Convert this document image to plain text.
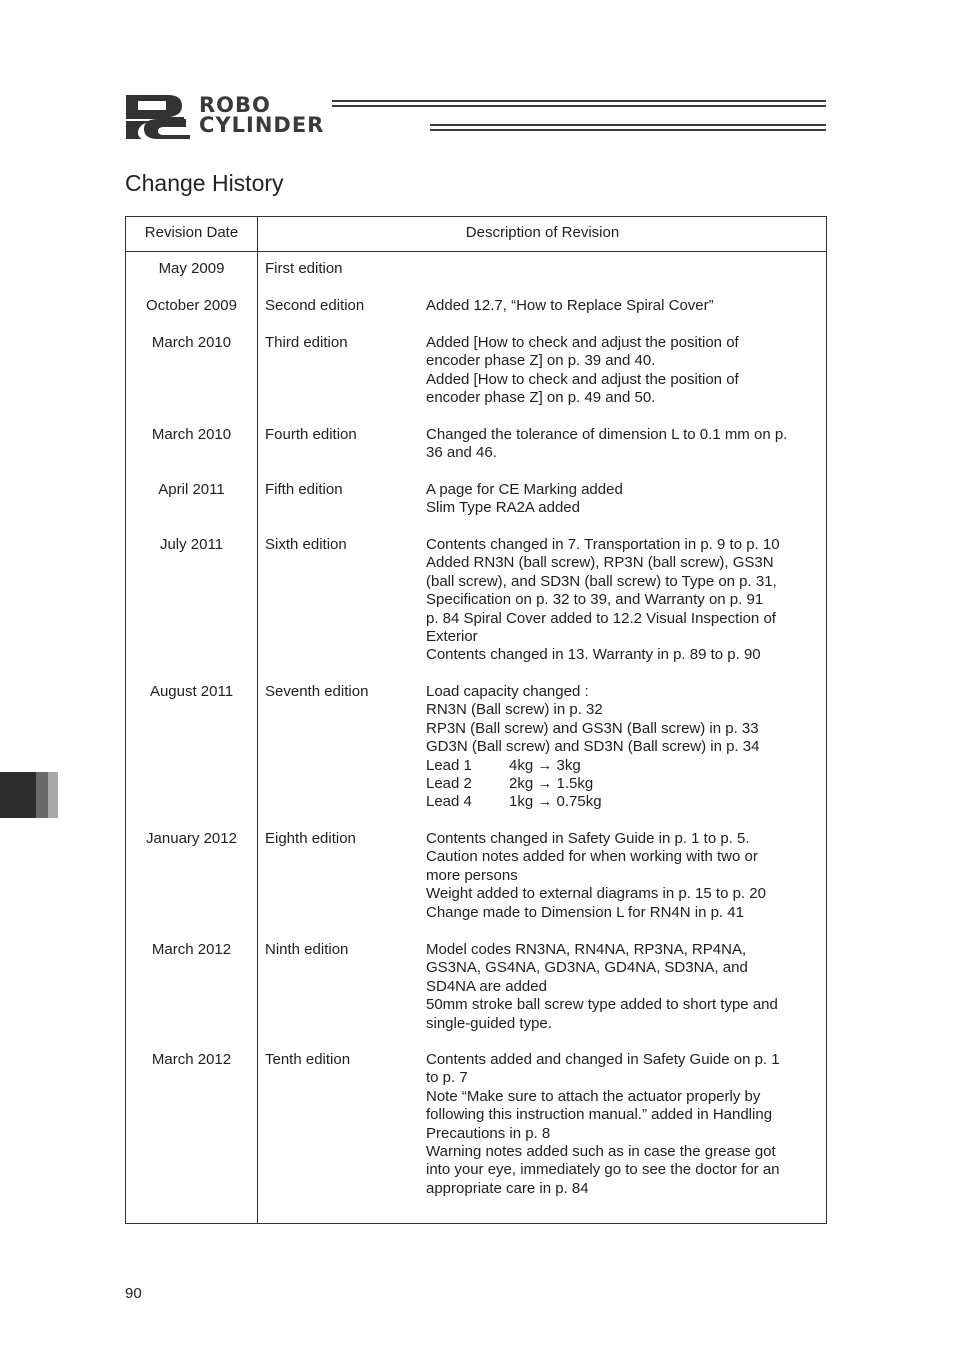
ROBO
CYLINDER
Change History
Revision Date	Description of Revision
May 2009	First edition
October 2009	Second edition	Added 12.7, “How to Replace Spiral Cover”
March 2010	Third edition	Added [How to check and adjust the position of
encoder phase Z] on p. 39 and 40.
Added [How to check and adjust the position of
encoder phase Z] on p. 49 and 50.
March 2010	Fourth edition	Changed the tolerance of dimension L to 0.1 mm on p.
36 and 46.
April 2011	Fifth edition	A page for CE Marking added
Slim Type RA2A added
July 2011	Sixth edition	Contents changed in 7. Transportation in p. 9 to p. 10
Added RN3N (ball screw), RP3N (ball screw), GS3N
(ball screw), and SD3N (ball screw) to Type on p. 31,
Specification on p. 32 to 39, and Warranty on p. 91
p. 84 Spiral Cover added to 12.2 Visual Inspection of
Exterior
Contents changed in 13. Warranty in p. 89 to p. 90
August 2011	Seventh edition	Load capacity changed :
RN3N (Ball screw) in p. 32
RP3N (Ball screw) and GS3N (Ball screw) in p. 33
GD3N (Ball screw) and SD3N (Ball screw) in p. 34
Lead 1 4kg → 3kg
Lead 2 2kg → 1.5kg
Lead 4 1kg → 0.75kg
January 2012	Eighth edition	Contents changed in Safety Guide in p. 1 to p. 5.
Caution notes added for when working with two or
more persons
Weight added to external diagrams in p. 15 to p. 20
Change made to Dimension L for RN4N in p. 41
March 2012	Ninth edition	Model codes RN3NA, RN4NA, RP3NA, RP4NA,
GS3NA, GS4NA, GD3NA, GD4NA, SD3NA, and
SD4NA are added
50mm stroke ball screw type added to short type and
single-guided type.
March 2012	Tenth edition	Contents added and changed in Safety Guide on p. 1
to p. 7
Note “Make sure to attach the actuator properly by
following this instruction manual.” added in Handling
Precautions in p. 8
Warning notes added such as in case the grease got
into your eye, immediately go to see the doctor for an
appropriate care in p. 84
90
